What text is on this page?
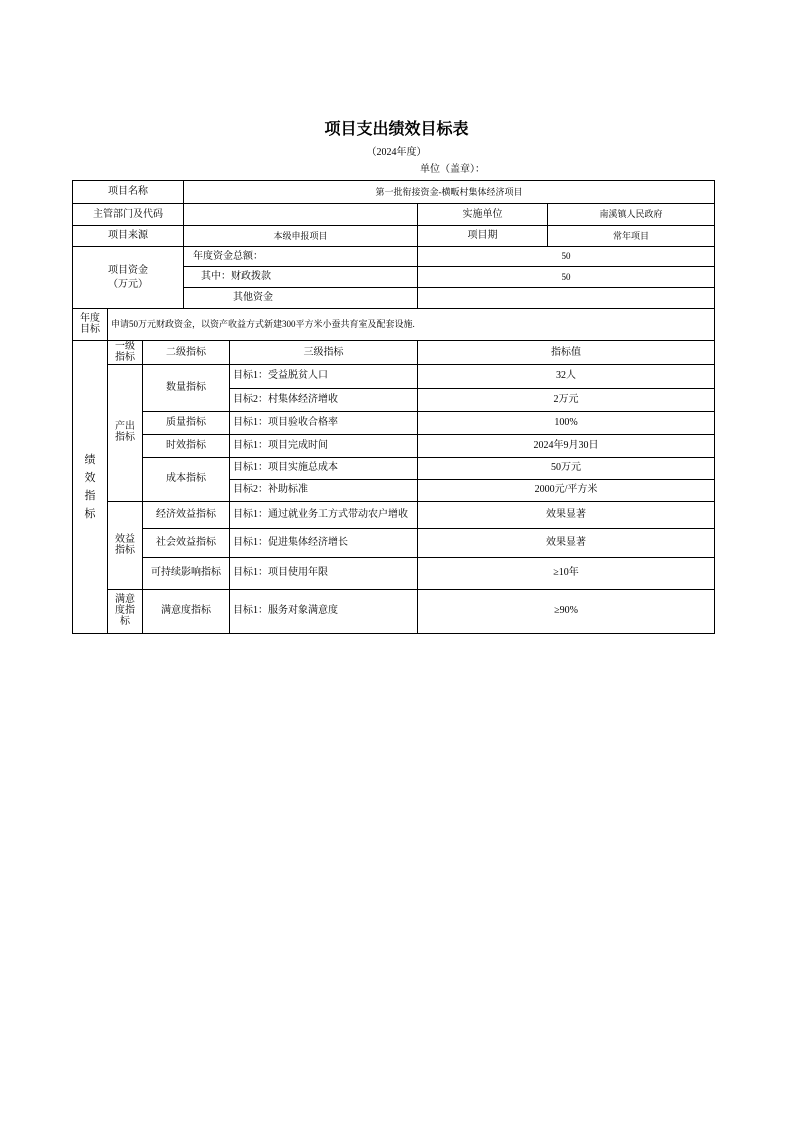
项目支出绩效目标表
（2024年度）
单位（盖章）：
项目名称			第一批衔接资金-横畈村集体经济项目			
主管部门及代码					实施单位	南溪镇人民政府
项目来源			本级申报项目		项目期	常年项目
项目资金（万元）			年度资金总额：		50	
			其中：财政拨款		50	
			其他资金			
年度目标	申请50万元财政资金，以资产收益方式新建300平方米小蚕共育室及配套设施.					
绩效指标	一级指标	二级指标		三级指标	指标值	
	产出指标	数量指标		目标1：受益脱贫人口	32人	
				目标2：村集体经济增收	2万元	
		质量指标		目标1：项目验收合格率	100%	
		时效指标		目标1：项目完成时间	2024年9月30日	
		成本指标		目标1：项目实施总成本	50万元	
				目标2：补助标准	2000元/平方米	
	效益指标	经济效益指标		目标1：通过就业务工方式带动农户增收	效果显著	
		社会效益指标		目标1：促进集体经济增长	效果显著	
		可持续影响指标		目标1：项目使用年限	≥10年	
	满意度指标	满意度指标		目标1：服务对象满意度	≥90%	
